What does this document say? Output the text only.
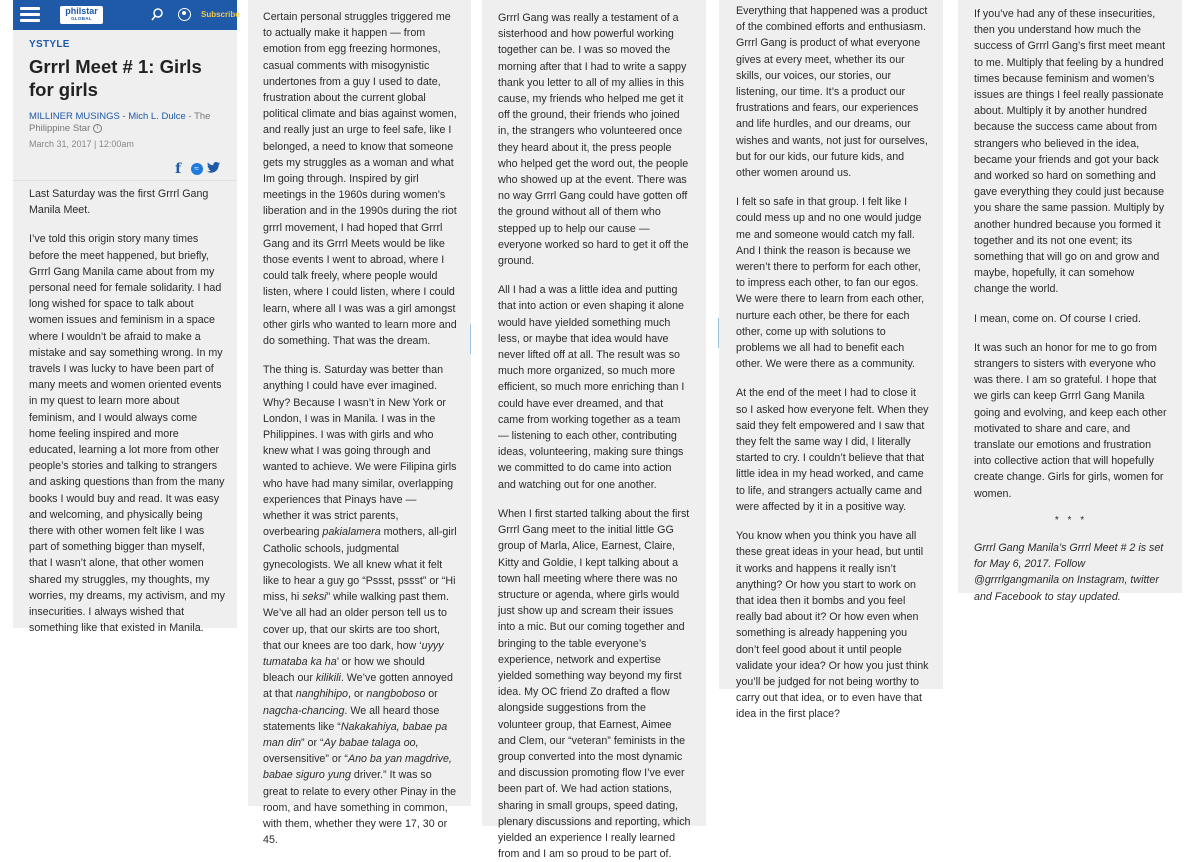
philstar
GLOBAL	Subscribe
YSTYLE
Grrrl Meet # 1: Girls for girls
MILLINER MUSINGS - Mich L. Dulce - The Philippine Star i
March 31, 2017 | 12:00am
f ≈

Last Saturday was the first Grrrl Gang Manila Meet.

I’ve told this origin story many times before the meet happened, but briefly, Grrrl Gang Manila came about from my personal need for female solidarity. I had long wished for space to talk about women issues and feminism in a space where I wouldn’t be afraid to make a mistake and say something wrong. In my travels I was lucky to have been part of many meets and women oriented events in my quest to learn more about feminism, and I would always come home feeling inspired and more educated, learning a lot more from other people’s stories and talking to strangers and asking questions than from the many books I would buy and read. It was easy and welcoming, and physically being there with other women felt like I was part of something bigger than myself, that I wasn’t alone, that other women shared my struggles, my thoughts, my worries, my dreams, my activism, and my insecurities. I always wished that something like that existed in Manila.

Certain personal struggles triggered me to actually make it happen — from emotion from egg freezing hormones, casual comments with misogynistic undertones from a guy I used to date, frustration about the current global political climate and bias against women, and really just an urge to feel safe, like I belonged, a need to know that someone gets my struggles as a woman and what Im going through. Inspired by girl meetings in the 1960s during women’s liberation and in the 1990s during the riot grrrl movement, I had hoped that Grrrl Gang and its Grrrl Meets would be like those events I went to abroad, where I could talk freely, where people would listen, where I could listen, where I could learn, where all I was was a girl amongst other girls who wanted to learn more and do something. That was the dream.

The thing is. Saturday was better than anything I could have ever imagined. Why? Because I wasn’t in New York or London, I was in Manila. I was in the Philippines. I was with girls and who knew what I was going through and wanted to achieve. We were Filipina girls who have had many similar, overlapping experiences that Pinays have — whether it was strict parents, overbearing pakialamera mothers, all-girl Catholic schools, judgmental gynecologists. We all knew what it felt like to hear a guy go “Pssst, pssst” or “Hi miss, hi seksi” while walking past them. We’ve all had an older person tell us to cover up, that our skirts are too short, that our knees are too dark, how ‘uyyy tumataba ka ha’ or how we should bleach our kilikili. We’ve gotten annoyed at that nanghihipo, or nangboboso or nagcha-chancing. We all heard those statements like “Nakakahiya, babae pa man din” or “Ay babae talaga oo, oversensitive” or “Ano ba yan magdrive, babae siguro yung driver.” It was so great to relate to every other Pinay in the room, and have something in common, with them, whether they were 17, 30 or 45.

Grrrl Gang was really a testament of a sisterhood and how powerful working together can be. I was so moved the morning after that I had to write a sappy thank you letter to all of my allies in this cause, my friends who helped me get it off the ground, their friends who joined in, the strangers who volunteered once they heard about it, the press people who helped get the word out, the people who showed up at the event. There was no way Grrrl Gang could have gotten off the ground without all of them who stepped up to help our cause — everyone worked so hard to get it off the ground.

All I had a was a little idea and putting that into action or even shaping it alone would have yielded something much less, or maybe that idea would have never lifted off at all. The result was so much more organized, so much more efficient, so much more enriching than I could have ever dreamed, and that came from working together as a team — listening to each other, contributing ideas, volunteering, making sure things we committed to do came into action and watching out for one another.

When I first started talking about the first Grrrl Gang meet to the initial little GG group of Marla, Alice, Earnest, Claire, Kitty and Goldie, I kept talking about a town hall meeting where there was no structure or agenda, where girls would just show up and scream their issues into a mic. But our coming together and bringing to the table everyone’s experience, network and expertise yielded something way beyond my first idea. My OC friend Zo drafted a flow alongside suggestions from the volunteer group, that Earnest, Aimee and Clem, our “veteran” feminists in the group converted into the most dynamic and discussion promoting flow I’ve ever been part of. We had action stations, sharing in small groups, speed dating, plenary discussions and reporting, which yielded an experience I really learned from and I am so proud to be part of.

Everything that happened was a product of the combined efforts and enthusiasm. Grrrl Gang is product of what everyone gives at every meet, whether its our skills, our voices, our stories, our listening, our time. It’s a product our frustrations and fears, our experiences and life hurdles, and our dreams, our wishes and wants, not just for ourselves, but for our kids, our future kids, and other women around us.

I felt so safe in that group. I felt like I could mess up and no one would judge me and someone would catch my fall. And I think the reason is because we weren’t there to perform for each other, to impress each other, to fan our egos. We were there to learn from each other, nurture each other, be there for each other, come up with solutions to problems we all had to benefit each other. We were there as a community.

At the end of the meet I had to close it so I asked how everyone felt. When they said they felt empowered and I saw that they felt the same way I did, I literally started to cry. I couldn’t believe that that little idea in my head worked, and came to life, and strangers actually came and were affected by it in a positive way.

You know when you think you have all these great ideas in your head, but until it works and happens it really isn’t anything? Or how you start to work on that idea then it bombs and you feel really bad about it? Or how even when something is already happening you don’t feel good about it until people validate your idea? Or how you just think you’ll be judged for not being worthy to carry out that idea, or to even have that idea in the first place?

If you’ve had any of these insecurities, then you understand how much the success of Grrrl Gang’s first meet meant to me. Multiply that feeling by a hundred times because feminism and women’s issues are things I feel really passionate about. Multiply it by another hundred because the success came about from strangers who believed in the idea, became your friends and got your back and worked so hard on something and gave everything they could just because you share the same passion. Multiply by another hundred because you formed it together and its not one event; its something that will go on and grow and maybe, hopefully, it can somehow change the world.

I mean, come on. Of course I cried.

It was such an honor for me to go from strangers to sisters with everyone who was there. I am so grateful. I hope that we girls can keep Grrrl Gang Manila going and evolving, and keep each other motivated to share and care, and translate our emotions and frustration into collective action that will hopefully create change. Girls for girls, women for women.

* * *

Grrrl Gang Manila’s Grrrl Meet # 2 is set for May 6, 2017. Follow @grrrlgangmanila on Instagram, twitter and Facebook to stay updated.
